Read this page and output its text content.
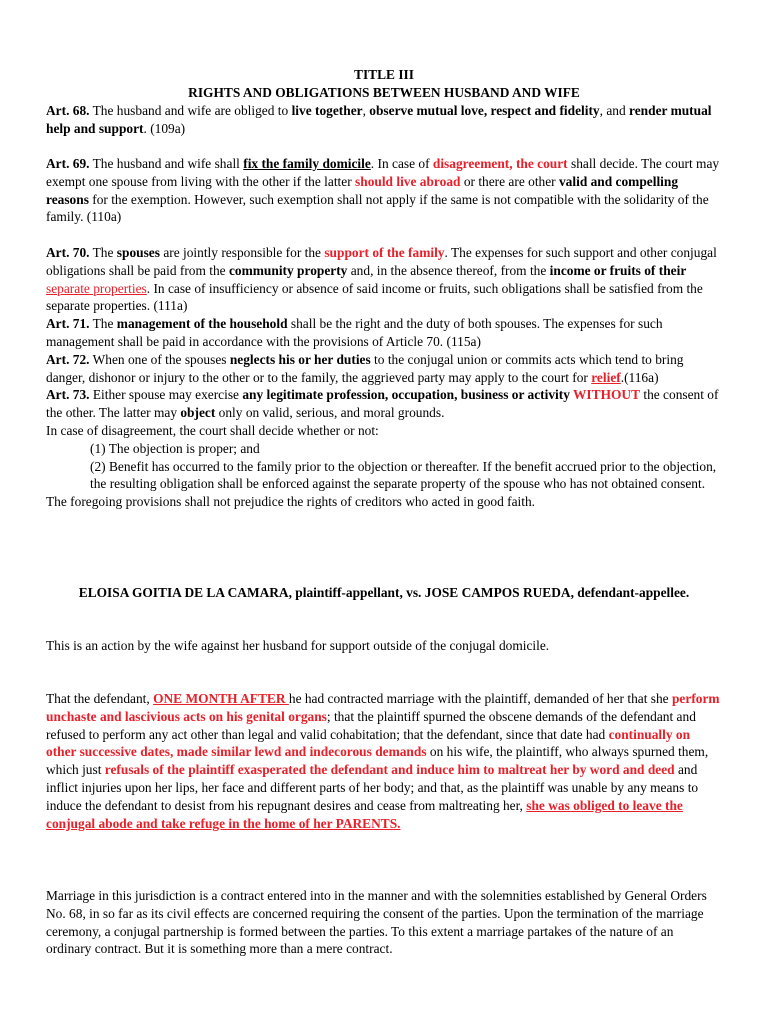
TITLE III
RIGHTS AND OBLIGATIONS BETWEEN HUSBAND AND WIFE

Art. 68. The husband and wife are obliged to live together, observe mutual love, respect and fidelity, and render mutual help and support. (109a)

Art. 69. The husband and wife shall fix the family domicile. In case of disagreement, the court shall decide. The court may exempt one spouse from living with the other if the latter should live abroad or there are other valid and compelling reasons for the exemption. However, such exemption shall not apply if the same is not compatible with the solidarity of the family. (110a)

Art. 70. The spouses are jointly responsible for the support of the family. The expenses for such support and other conjugal obligations shall be paid from the community property and, in the absence thereof, from the income or fruits of their separate properties. In case of insufficiency or absence of said income or fruits, such obligations shall be satisfied from the separate properties. (111a)
Art. 71. The management of the household shall be the right and the duty of both spouses. The expenses for such management shall be paid in accordance with the provisions of Article 70. (115a)
Art. 72. When one of the spouses neglects his or her duties to the conjugal union or commits acts which tend to bring danger, dishonor or injury to the other or to the family, the aggrieved party may apply to the court for relief.(116a)
Art. 73. Either spouse may exercise any legitimate profession, occupation, business or activity WITHOUT the consent of the other. The latter may object only on valid, serious, and moral grounds.
In case of disagreement, the court shall decide whether or not:
(1) The objection is proper; and
(2) Benefit has occurred to the family prior to the objection or thereafter. If the benefit accrued prior to the objection, the resulting obligation shall be enforced against the separate property of the spouse who has not obtained consent.
The foregoing provisions shall not prejudice the rights of creditors who acted in good faith.

ELOISA GOITIA DE LA CAMARA, plaintiff-appellant, vs. JOSE CAMPOS RUEDA, defendant-appellee.

This is an action by the wife against her husband for support outside of the conjugal domicile.

That the defendant, ONE MONTH AFTER he had contracted marriage with the plaintiff, demanded of her that she perform unchaste and lascivious acts on his genital organs; that the plaintiff spurned the obscene demands of the defendant and refused to perform any act other than legal and valid cohabitation; that the defendant, since that date had continually on other successive dates, made similar lewd and indecorous demands on his wife, the plaintiff, who always spurned them, which just refusals of the plaintiff exasperated the defendant and induce him to maltreat her by word and deed and inflict injuries upon her lips, her face and different parts of her body; and that, as the plaintiff was unable by any means to induce the defendant to desist from his repugnant desires and cease from maltreating her, she was obliged to leave the conjugal abode and take refuge in the home of her PARENTS.

Marriage in this jurisdiction is a contract entered into in the manner and with the solemnities established by General Orders No. 68, in so far as its civil effects are concerned requiring the consent of the parties. Upon the termination of the marriage ceremony, a conjugal partnership is formed between the parties. To this extent a marriage partakes of the nature of an ordinary contract. But it is something more than a mere contract.
